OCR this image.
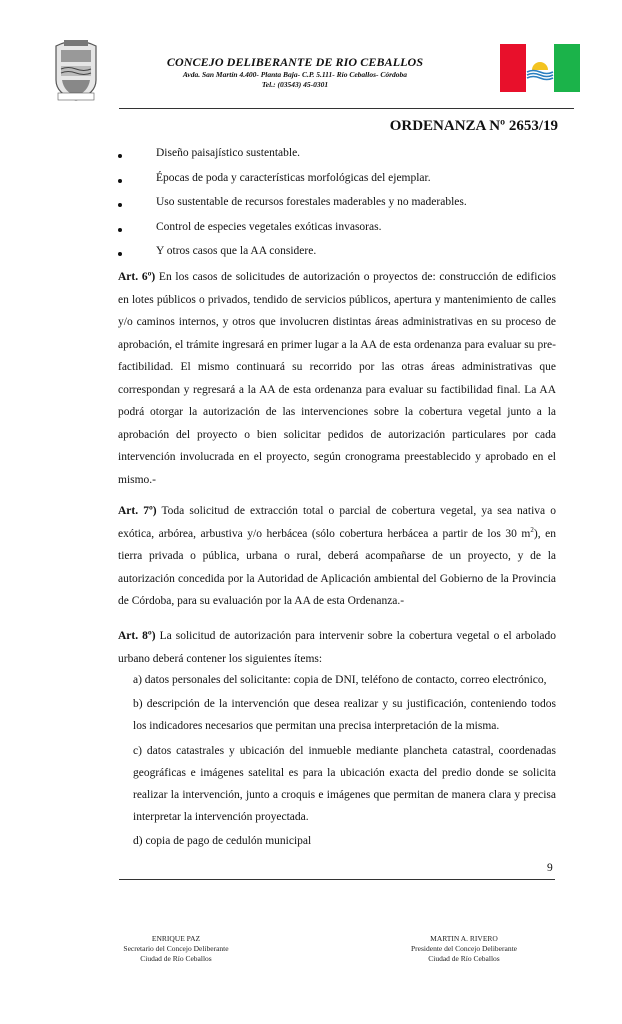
CONCEJO DELIBERANTE DE RIO CEBALLOS
Avda. San Martín 4.400- Planta Baja- C.P. 5.111- Río Ceballos- Córdoba
Tel.: (03543) 45-0301
ORDENANZA Nº 2653/19
Diseño paisajístico sustentable.
Épocas de poda y características morfológicas del ejemplar.
Uso sustentable de recursos forestales maderables y no maderables.
Control de especies vegetales exóticas invasoras.
Y otros casos que la AA considere.

Art. 6º) En los casos de solicitudes de autorización o proyectos de: construcción de edificios en lotes públicos o privados, tendido de servicios públicos, apertura y mantenimiento de calles y/o caminos internos, y otros que involucren distintas áreas administrativas en su proceso de aprobación, el trámite ingresará en primer lugar a la AA de esta ordenanza para evaluar su pre-factibilidad. El mismo continuará su recorrido por las otras áreas administrativas que correspondan y regresará a la AA de esta ordenanza para evaluar su factibilidad final. La AA podrá otorgar la autorización de las intervenciones sobre la cobertura vegetal junto a la aprobación del proyecto o bien solicitar pedidos de autorización particulares por cada intervención involucrada en el proyecto, según cronograma preestablecido y aprobado en el mismo.-

Art. 7º) Toda solicitud de extracción total o parcial de cobertura vegetal, ya sea nativa o exótica, arbórea, arbustiva y/o herbácea (sólo cobertura herbácea a partir de los 30 $m^2$), en tierra privada o pública, urbana o rural, deberá acompañarse de un proyecto, y de la autorización concedida por la Autoridad de Aplicación ambiental del Gobierno de la Provincia de Córdoba, para su evaluación por la AA de esta Ordenanza.-

Art. 8º) La solicitud de autorización para intervenir sobre la cobertura vegetal o el arbolado urbano deberá contener los siguientes ítems:

a) datos personales del solicitante: copia de DNI, teléfono de contacto, correo electrónico,
b) descripción de la intervención que desea realizar y su justificación, conteniendo todos los indicadores necesarios que permitan una precisa interpretación de la misma.
c) datos catastrales y ubicación del inmueble mediante plancheta catastral, coordenadas geográficas e imágenes satelital es para la ubicación exacta del predio donde se solicita realizar la intervención, junto a croquis e imágenes que permitan de manera clara y precisa interpretar la intervención proyectada.
d) copia de pago de cedulón municipal
9
ENRIQUE PAZ
Secretario del Concejo Deliberante
Ciudad de Río Ceballos
MARTIN A. RIVERO
Presidente del Concejo Deliberante
Ciudad de Río Ceballos
